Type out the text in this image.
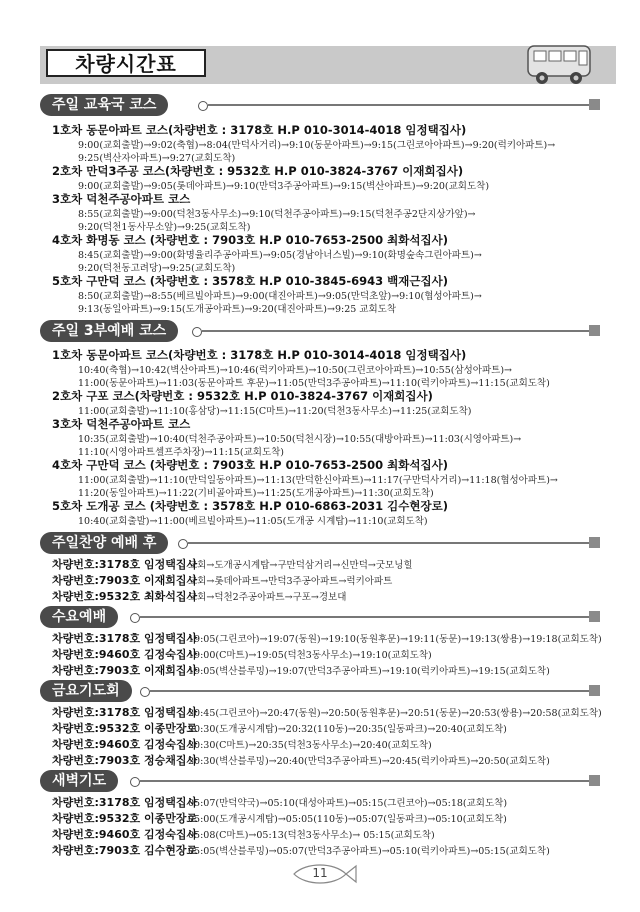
차량시간표
주일 교육국 코스
1호차 동문아파트 코스(차량번호 : 3178호 H.P 010-3014-4018 임정택집사)
9:00(교회출발)→9:02(축협)→8:04(만덕사거리)→9:10(동문아파트)→9:15(그린코아아파트)→9:20(럭키아파트)→
9:25(벽산자아파트)→9:27(교회도착)
2호차 만덕3주공 코스(차량번호 : 9532호 H.P 010-3824-3767 이재희집사)
9:00(교회출발)→9:05(롯데아파트)→9:10(만덕3주공아파트)→9:15(벽산아파트)→9:20(교회도착)
3호차 덕천주공아파트 코스
8:55(교회출발)→9:00(덕천3동사무소)→9:10(덕천주공아파트)→9:15(덕천주공2단지상가앞)→
9:20(덕천1동사무소앞)→9:25(교회도착)
4호차 화명동 코스 (차량번호 : 7903호 H.P 010-7653-2500 최화석집사)
8:45(교회출발)→9:00(화명율리주공아파트)→9:05(경남아너스빌)→9:10(화명숲속그린아파트)→
9:20(덕천동고려당)→9:25(교회도착)
5호차 구만덕 코스 (차량번호 : 3578호 H.P 010-3845-6943 백재근집사)
8:50(교회출발)→8:55(베르빌아파트)→9:00(대진아파트)→9:05(만덕초앞)→9:10(협성아파트)→
9:13(동일아파트)→9:15(도개공아파트)→9:20(대진아파트)→9:25 교회도착
주일 3부예배 코스
1호차 동문아파트 코스(차량번호 : 3178호 H.P 010-3014-4018 임정택집사)
10:40(축협)→10:42(벽산아파트)→10:46(럭키아파트)→10:50(그린코아아파트)→10:55(삼성아파트)→
11:00(동문아파트)→11:03(동문아파트 후문)→11:05(만덕3주공아파트)→11:10(럭키아파트)→11:15(교회도착)
2호차 구포 코스(차량번호 : 9532호 H.P 010-3824-3767 이재희집사)
11:00(교회출발)→11:10(홍삼당)→11:15(C마트)→11:20(덕천3동사무소)→11:25(교회도착)
3호차 덕천주공아파트 코스
10:35(교회출발)→10:40(덕천주공아파트)→10:50(덕천시장)→10:55(대방아파트)→11:03(시영아파트)→
11:10(시영아파트셀프주차장)→11:15(교회도착)
4호차 구만덕 코스 (차량번호 : 7903호 H.P 010-7653-2500 최화석집사)
11:00(교회출발)→11:10(만덕일동아파트)→11:13(만덕한신아파트)→11:17(구만덕사거리)→11:18(협성아파트)→
11:20(동일아파트)→11:22(기비골아파트)→11:25(도개공아파트)→11:30(교회도착)
5호차 도개공 코스 (차량번호 : 3578호 H.P 010-6863-2031 김수현장로)
10:40(교회출발)→11:00(베르빌아파트)→11:05(도개공 시계탑)→11:10(교회도착)
주일찬양 예배 후
차량번호:3178호 임정택집사
교회→도개공시계탑→구만덕삼거리→신만덕→굿모닝힐
차량번호:7903호 이재희집사
교회→롯데아파트→만덕3주공아파트→럭키아파트
차량번호:9532호 최화석집사
교회→덕천2주공아파트→구포→경보대
수요예배
차량번호:3178호 임정택집사
19:05(그린코아)→19:07(동원)→19:10(동원후문)→19:11(동문)→19:13(쌍용)→19:18(교회도착)
차량번호:9460호 김정숙집사
19:00(C마트)→19:05(덕천3동사무소)→19:10(교회도착)
차량번호:7903호 이재희집사
19:05(벽산블루밍)→19:07(만덕3주공아파트)→19:10(럭키아파트)→19:15(교회도착)
금요기도회
차량번호:3178호 임정택집사
20:45(그린코아)→20:47(동원)→20:50(동원후문)→20:51(동문)→20:53(쌍용)→20:58(교회도착)
차량번호:9532호 이종만장로
20:30(도개공시계탑)→20:32(110동)→20:35(일동파크)→20:40(교회도착)
차량번호:9460호 김정숙집사
20:30(C마트)→20:35(덕천3동사무소)→20:40(교회도착)
차량번호:7903호 정승채집사
20:30(벽산블루밍)→20:40(만덕3주공아파트)→20:45(럭키아파트)→20:50(교회도착)
새벽기도
차량번호:3178호 임정택집사
05:07(만덕약국)→05:10(대성아파트)→05:15(그린코아)→05:18(교회도착)
차량번호:9532호 이종만장로
05:00(도개공시계탑)→05:05(110동)→05:07(일동파크)→05:10(교회도착)
차량번호:9460호 김정숙집사
05:08(C마트)→05:13(덕천3동사무소)→ 05:15(교회도착)
차량번호:7903호 김수현장로
05:05(벽산블루밍)→05:07(만덕3주공아파트)→05:10(럭키아파트)→05:15(교회도착)
11
